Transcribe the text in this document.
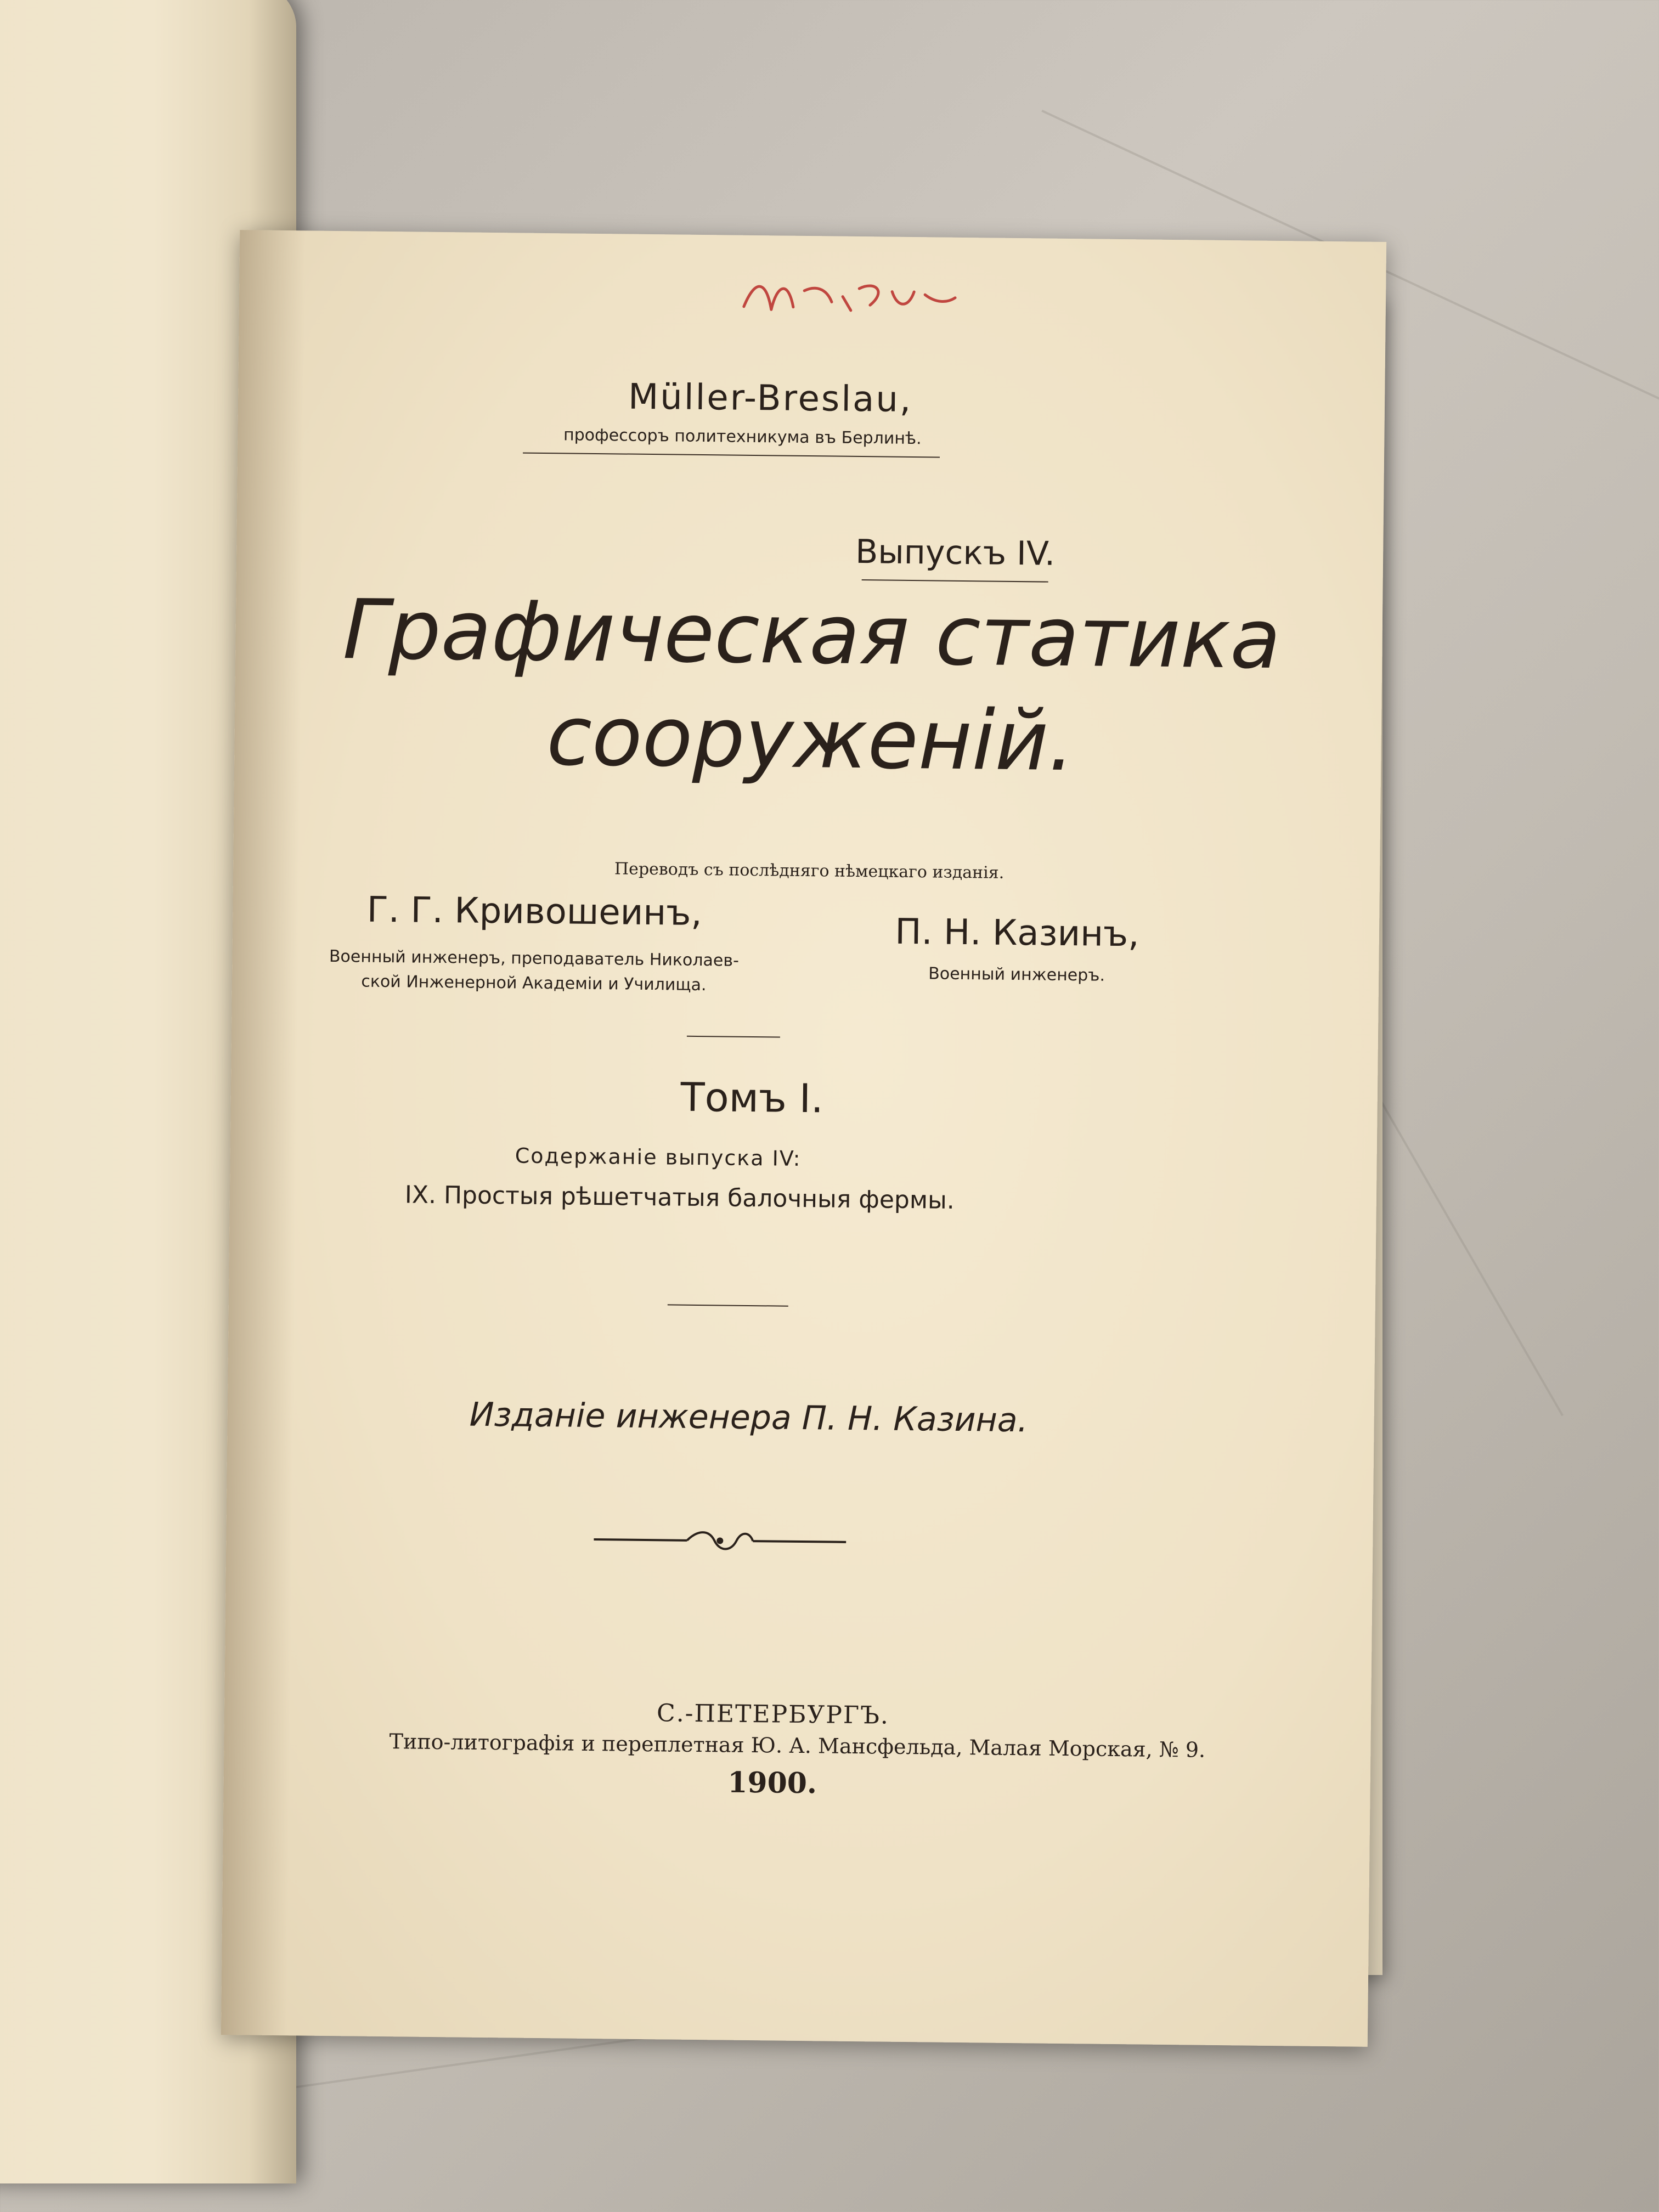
Müller-Breslau,
профессоръ политехникума въ Берлинѣ.
Выпускъ IV.
Графическая статика
сооруженій.
Переводъ съ послѣдняго нѣмецкаго изданія.
Г. Г. Кривошеинъ,
Военный инженеръ, преподаватель Николаев-
ской Инженерной Академіи и Училища.
П. Н. Казинъ,
Военный инженеръ.
Томъ I.
Содержаніе выпуска IV:
IX. Простыя рѣшетчатыя балочныя фермы.
Изданіе инженера П. Н. Казина.
С.-ПЕТЕРБУРГЪ.
Типо-литографія и переплетная Ю. А. Мансфельда, Малая Морская, № 9.
1900.
